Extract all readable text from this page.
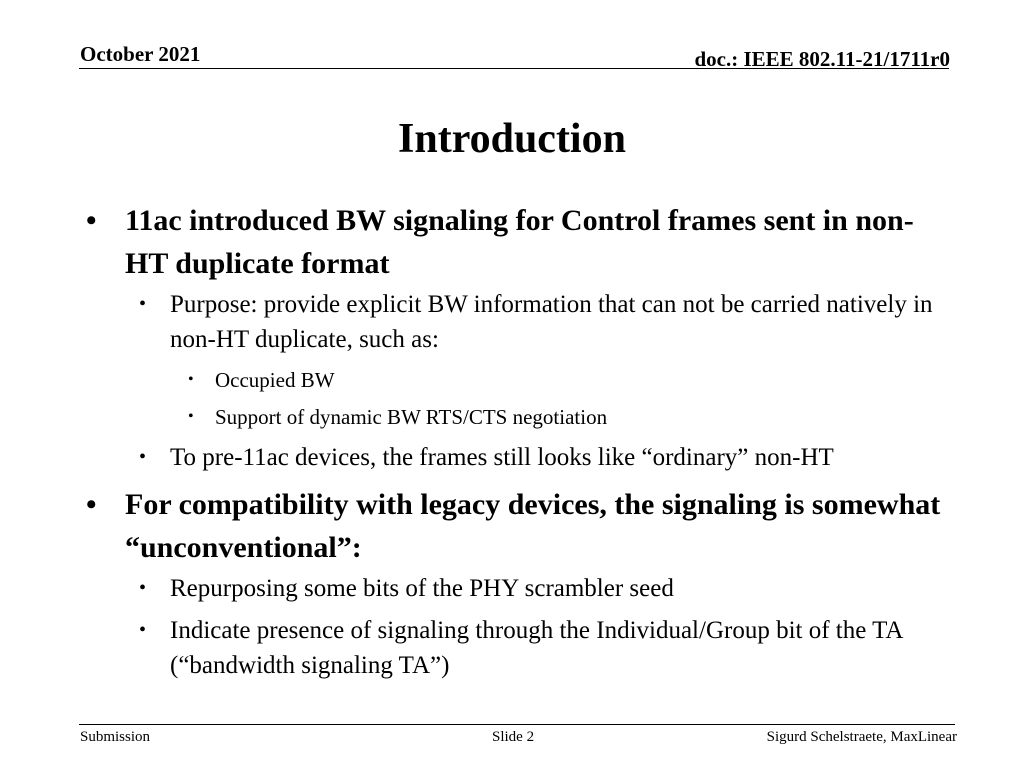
October 2021	doc.: IEEE 802.11-21/1711r0
Introduction
• 11ac introduced BW signaling for Control frames sent in non-HT duplicate format
• Purpose: provide explicit BW information that can not be carried natively in non-HT duplicate, such as:
• Occupied BW
• Support of dynamic BW RTS/CTS negotiation
• To pre-11ac devices, the frames still looks like “ordinary” non-HT
• For compatibility with legacy devices, the signaling is somewhat “unconventional”:
• Repurposing some bits of the PHY scrambler seed
• Indicate presence of signaling through the Individual/Group bit of the TA (“bandwidth signaling TA”)
Submission	Slide 2	Sigurd Schelstraete, MaxLinear
